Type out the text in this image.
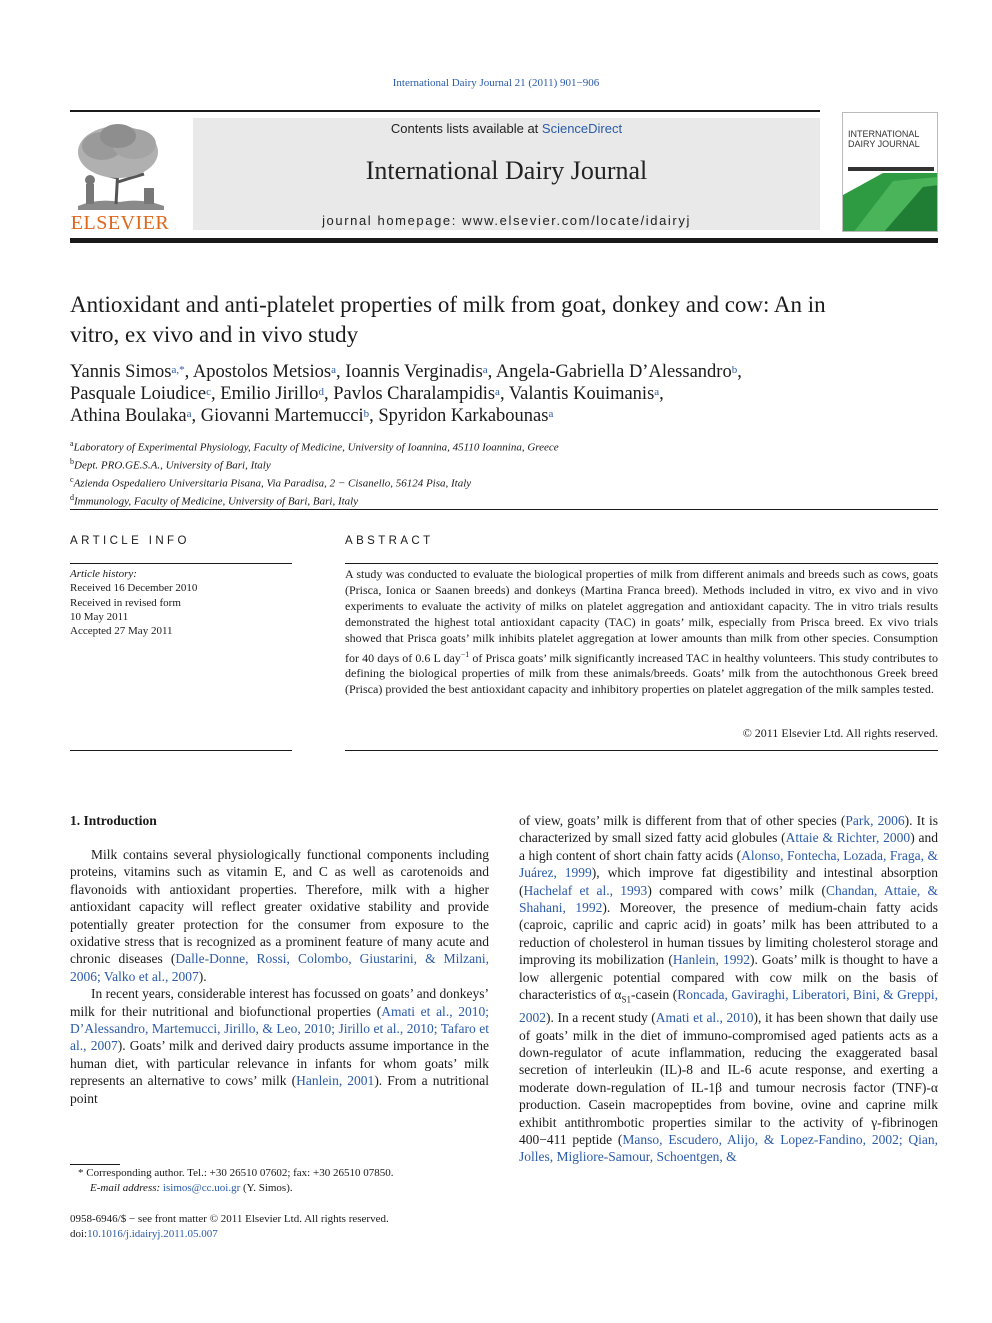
International Dairy Journal 21 (2011) 901−906
ELSEVIER
Contents lists available at ScienceDirect
International Dairy Journal
journal homepage: www.elsevier.com/locate/idairyj
INTERNATIONAL DAIRY JOURNAL
Antioxidant and anti-platelet properties of milk from goat, donkey and cow: An in vitro, ex vivo and in vivo study
Yannis Simos$^{a,*}$, Apostolos Metsios$^a$, Ioannis Verginadis$^a$, Angela-Gabriella D’Alessandro$^b$,
Pasquale Loiudice$^c$, Emilio Jirillo$^d$, Pavlos Charalampidis$^a$, Valantis Kouimanis$^a$,
Athina Boulaka$^a$, Giovanni Martemucci$^b$, Spyridon Karkabounas$^a$
$^a$Laboratory of Experimental Physiology, Faculty of Medicine, University of Ioannina, 45110 Ioannina, Greece
$^b$Dept. PRO.GE.S.A., University of Bari, Italy
$^c$Azienda Ospedaliero Universitaria Pisana, Via Paradisa, 2 − Cisanello, 56124 Pisa, Italy
$^d$Immunology, Faculty of Medicine, University of Bari, Bari, Italy
ARTICLE INFO
Article history:
Received 16 December 2010
Received in revised form
10 May 2011
Accepted 27 May 2011
ABSTRACT
A study was conducted to evaluate the biological properties of milk from different animals and breeds such as cows, goats (Prisca, Ionica or Saanen breeds) and donkeys (Martina Franca breed). Methods included in vitro, ex vivo and in vivo experiments to evaluate the activity of milks on platelet aggregation and antioxidant capacity. The in vitro trials results demonstrated the highest total antioxidant capacity (TAC) in goats’ milk, especially from Prisca breed. Ex vivo trials showed that Prisca goats’ milk inhibits platelet aggregation at lower amounts than milk from other species. Consumption for 40 days of 0.6 L day$^{-1}$ of Prisca goats’ milk significantly increased TAC in healthy volunteers. This study contributes to defining the biological properties of milk from these animals/breeds. Goats’ milk from the autochthonous Greek breed (Prisca) provided the best antioxidant capacity and inhibitory properties on platelet aggregation of the milk samples tested.
© 2011 Elsevier Ltd. All rights reserved.
1. Introduction

Milk contains several physiologically functional components including proteins, vitamins such as vitamin E, and C as well as carotenoids and flavonoids with antioxidant properties. Therefore, milk with a higher antioxidant capacity will reflect greater oxidative stability and provide potentially greater protection for the consumer from exposure to the oxidative stress that is recognized as a prominent feature of many acute and chronic diseases (Dalle-Donne, Rossi, Colombo, Giustarini, & Milzani, 2006; Valko et al., 2007).

In recent years, considerable interest has focussed on goats’ and donkeys’ milk for their nutritional and biofunctional properties (Amati et al., 2010; D’Alessandro, Martemucci, Jirillo, & Leo, 2010; Jirillo et al., 2010; Tafaro et al., 2007). Goats’ milk and derived dairy products assume importance in the human diet, with particular relevance in infants for whom goats’ milk represents an alternative to cows’ milk (Hanlein, 2001). From a nutritional point

of view, goats’ milk is different from that of other species (Park, 2006). It is characterized by small sized fatty acid globules (Attaie & Richter, 2000) and a high content of short chain fatty acids (Alonso, Fontecha, Lozada, Fraga, & Juárez, 1999), which improve fat digestibility and intestinal absorption (Hachelaf et al., 1993) compared with cows’ milk (Chandan, Attaie, & Shahani, 1992). Moreover, the presence of medium-chain fatty acids (caproic, caprilic and capric acid) in goats’ milk has been attributed to a reduction of cholesterol in human tissues by limiting cholesterol storage and improving its mobilization (Hanlein, 1992). Goats’ milk is thought to have a low allergenic potential compared with cow milk on the basis of characteristics of $\alpha_{S1}$-casein (Roncada, Gaviraghi, Liberatori, Bini, & Greppi, 2002). In a recent study (Amati et al., 2010), it has been shown that daily use of goats’ milk in the diet of immuno-compromised aged patients acts as a down-regulator of acute inflammation, reducing the exaggerated basal secretion of interleukin (IL)-8 and IL-6 acute response, and exerting a moderate down-regulation of IL-1β and tumour necrosis factor (TNF)-α production. Casein macropeptides from bovine, ovine and caprine milk exhibit antithrombotic properties similar to the activity of γ-fibrinogen 400−411 peptide (Manso, Escudero, Alijo, & Lopez-Fandino, 2002; Qian, Jolles, Migliore-Samour, Schoentgen, &
* Corresponding author. Tel.: +30 26510 07602; fax: +30 26510 07850.
E-mail address: isimos@cc.uoi.gr (Y. Simos).
0958-6946/$ − see front matter © 2011 Elsevier Ltd. All rights reserved.
doi:10.1016/j.idairyj.2011.05.007
